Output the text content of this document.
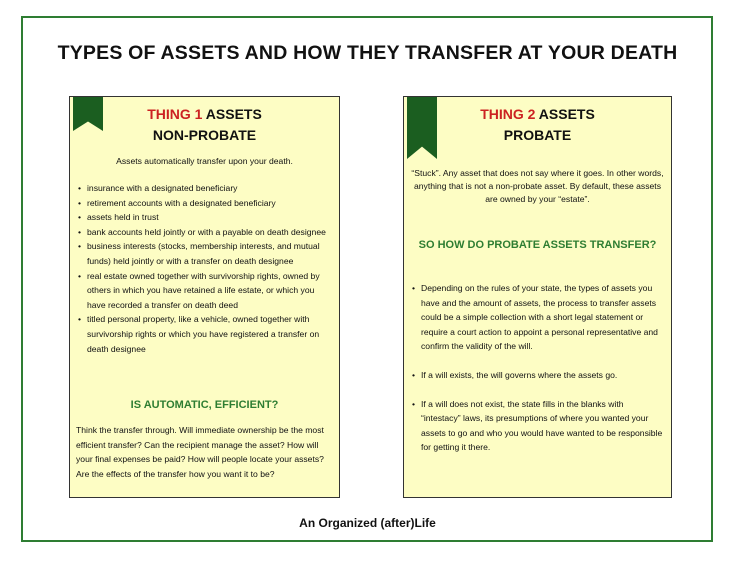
TYPES OF ASSETS AND HOW THEY TRANSFER AT YOUR DEATH
THING 1 ASSETS
NON-PROBATE
Assets automatically transfer upon your death.
• insurance with a designated beneficiary
• retirement accounts with a designated beneficiary
• assets held in trust
• bank accounts held jointly or with a payable on death designee
• business interests (stocks, membership interests, and mutual funds) held jointly or with a transfer on death designee
• real estate owned together with survivorship rights, owned by others in which you have retained a life estate, or which you have recorded a transfer on death deed
• titled personal property, like a vehicle, owned together with survivorship rights or which you have registered a transfer on death designee
IS AUTOMATIC, EFFICIENT?
Think the transfer through. Will immediate ownership be the most efficient transfer? Can the recipient manage the asset? How will your final expenses be paid? How will people locate your assets? Are the effects of the transfer how you want it to be?
THING 2 ASSETS
PROBATE
“Stuck”. Any asset that does not say where it goes. In other words, anything that is not a non-probate asset. By default, these assets are owned by your “estate”.
SO HOW DO PROBATE ASSETS TRANSFER?
• Depending on the rules of your state, the types of assets you have and the amount of assets, the process to transfer assets could be a simple collection with a short legal statement or require a court action to appoint a personal representative and confirm the validity of the will.
• If a will exists, the will governs where the assets go.
• If a will does not exist, the state fills in the blanks with “intestacy” laws, its presumptions of where you wanted your assets to go and who you would have wanted to be responsible for getting it there.
An Organized (after)Life
